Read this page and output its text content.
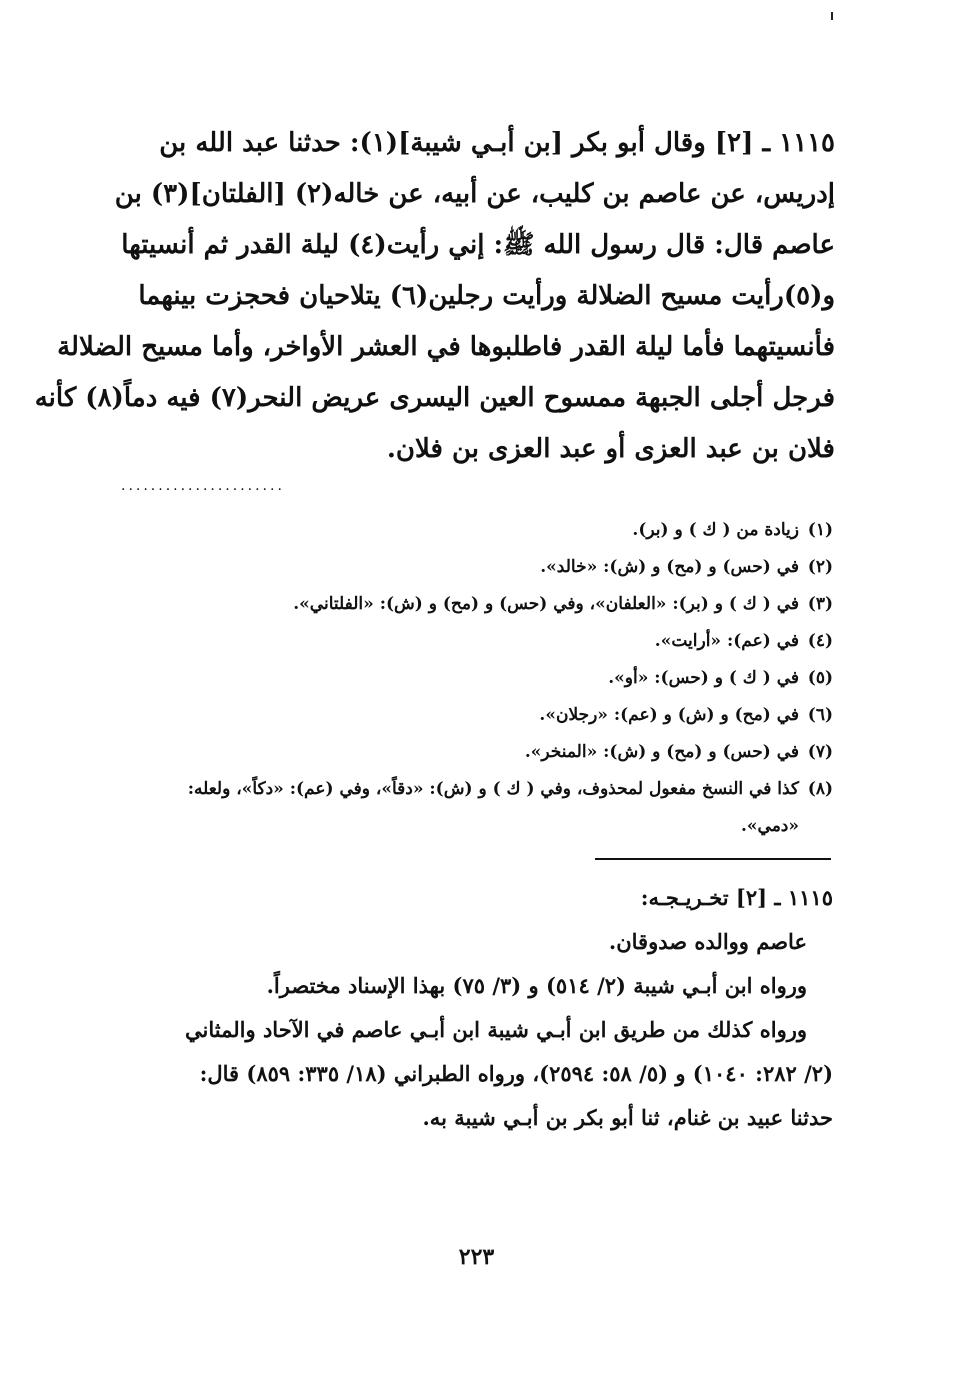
١١١٥ ـ [٢] وقال أبو بكر [بن أبـي شيبة](١): حدثنا عبد الله بن
إدريس، عن عاصم بن كليب، عن أبيه، عن خاله(٢) [الفلتان](٣) بن
عاصم قال: قال رسول الله ﷺ: إني رأيت(٤) ليلة القدر ثم أنسيتها
و(٥)رأيت مسيح الضلالة ورأيت رجلين(٦) يتلاحيان فحجزت بينهما
فأنسيتهما فأما ليلة القدر فاطلبوها في العشر الأواخر، وأما مسيح الضلالة
فرجل أجلى الجبهة ممسوح العين اليسرى عريض النحر(٧) فيه دماً(٨) كأنه
فلان بن عبد العزى أو عبد العزى بن فلان.
......................
(١)
زيادة من ( ك ) و (بر).
(٢)
في (حس) و (مح) و (ش): «خالد».
(٣)
في ( ك ) و (بر): «العلفان»، وفي (حس) و (مح) و (ش): «الفلتاني».
(٤)
في (عم): «أرايت».
(٥)
في ( ك ) و (حس): «أو».
(٦)
في (مح) و (ش) و (عم): «رجلان».
(٧)
في (حس) و (مح) و (ش): «المنخر».
(٨)
كذا في النسخ مفعول لمحذوف، وفي ( ك ) و (ش): «دقاً»، وفي (عم): «دكاً»، ولعله:
«دمي».
١١١٥ ـ [٢] تخـريـجـه:
عاصم ووالده صدوقان.
ورواه ابن أبـي شيبة (٢/ ٥١٤) و (٣/ ٧٥) بهذا الإسناد مختصراً.
ورواه كذلك من طريق ابن أبـي شيبة ابن أبـي عاصم في الآحاد والمثاني
(٢/ ٢٨٢: ١٠٤٠) و (٥/ ٥٨: ٢٥٩٤)، ورواه الطبراني (١٨/ ٣٣٥: ٨٥٩) قال:
حدثنا عبيد بن غنام، ثنا أبو بكر بن أبـي شيبة به.
٢٢٣
